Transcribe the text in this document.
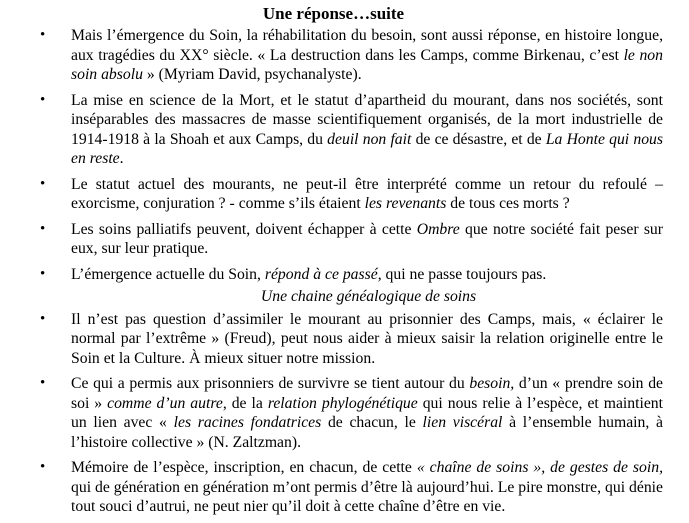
Une réponse…suite
• Mais l’émergence du Soin, la réhabilitation du besoin, sont aussi réponse, en histoire longue, aux tragédies du XX° siècle. « La destruction dans les Camps, comme Birkenau, c’est le non soin absolu » (Myriam David, psychanalyste).
• La mise en science de la Mort, et le statut d’apartheid du mourant, dans nos sociétés, sont inséparables des massacres de masse scientifiquement organisés, de la mort industrielle de 1914-1918 à la Shoah et aux Camps, du deuil non fait de ce désastre, et de La Honte qui nous en reste.
• Le statut actuel des mourants, ne peut-il être interprété comme un retour du refoulé – exorcisme, conjuration ? - comme s’ils étaient les revenants de tous ces morts ?
• Les soins palliatifs peuvent, doivent échapper à cette Ombre que notre société fait peser sur eux, sur leur pratique.
• L’émergence actuelle du Soin, répond à ce passé, qui ne passe toujours pas.
Une chaine généalogique de soins
• Il n’est pas question d’assimiler le mourant au prisonnier des Camps, mais, « éclairer le normal par l’extrême » (Freud), peut nous aider à mieux saisir la relation originelle entre le Soin et la Culture. À mieux situer notre mission.
• Ce qui a permis aux prisonniers de survivre se tient autour du besoin, d’un « prendre soin de soi » comme d’un autre, de la relation phylogénétique qui nous relie à l’espèce, et maintient un lien avec « les racines fondatrices de chacun, le lien viscéral à l’ensemble humain, à l’histoire collective » (N. Zaltzman).
• Mémoire de l’espèce, inscription, en chacun, de cette « chaîne de soins », de gestes de soin, qui de génération en génération m’ont permis d’être là aujourd’hui. Le pire monstre, qui dénie tout souci d’autrui, ne peut nier qu’il doit à cette chaîne d’être en vie.
